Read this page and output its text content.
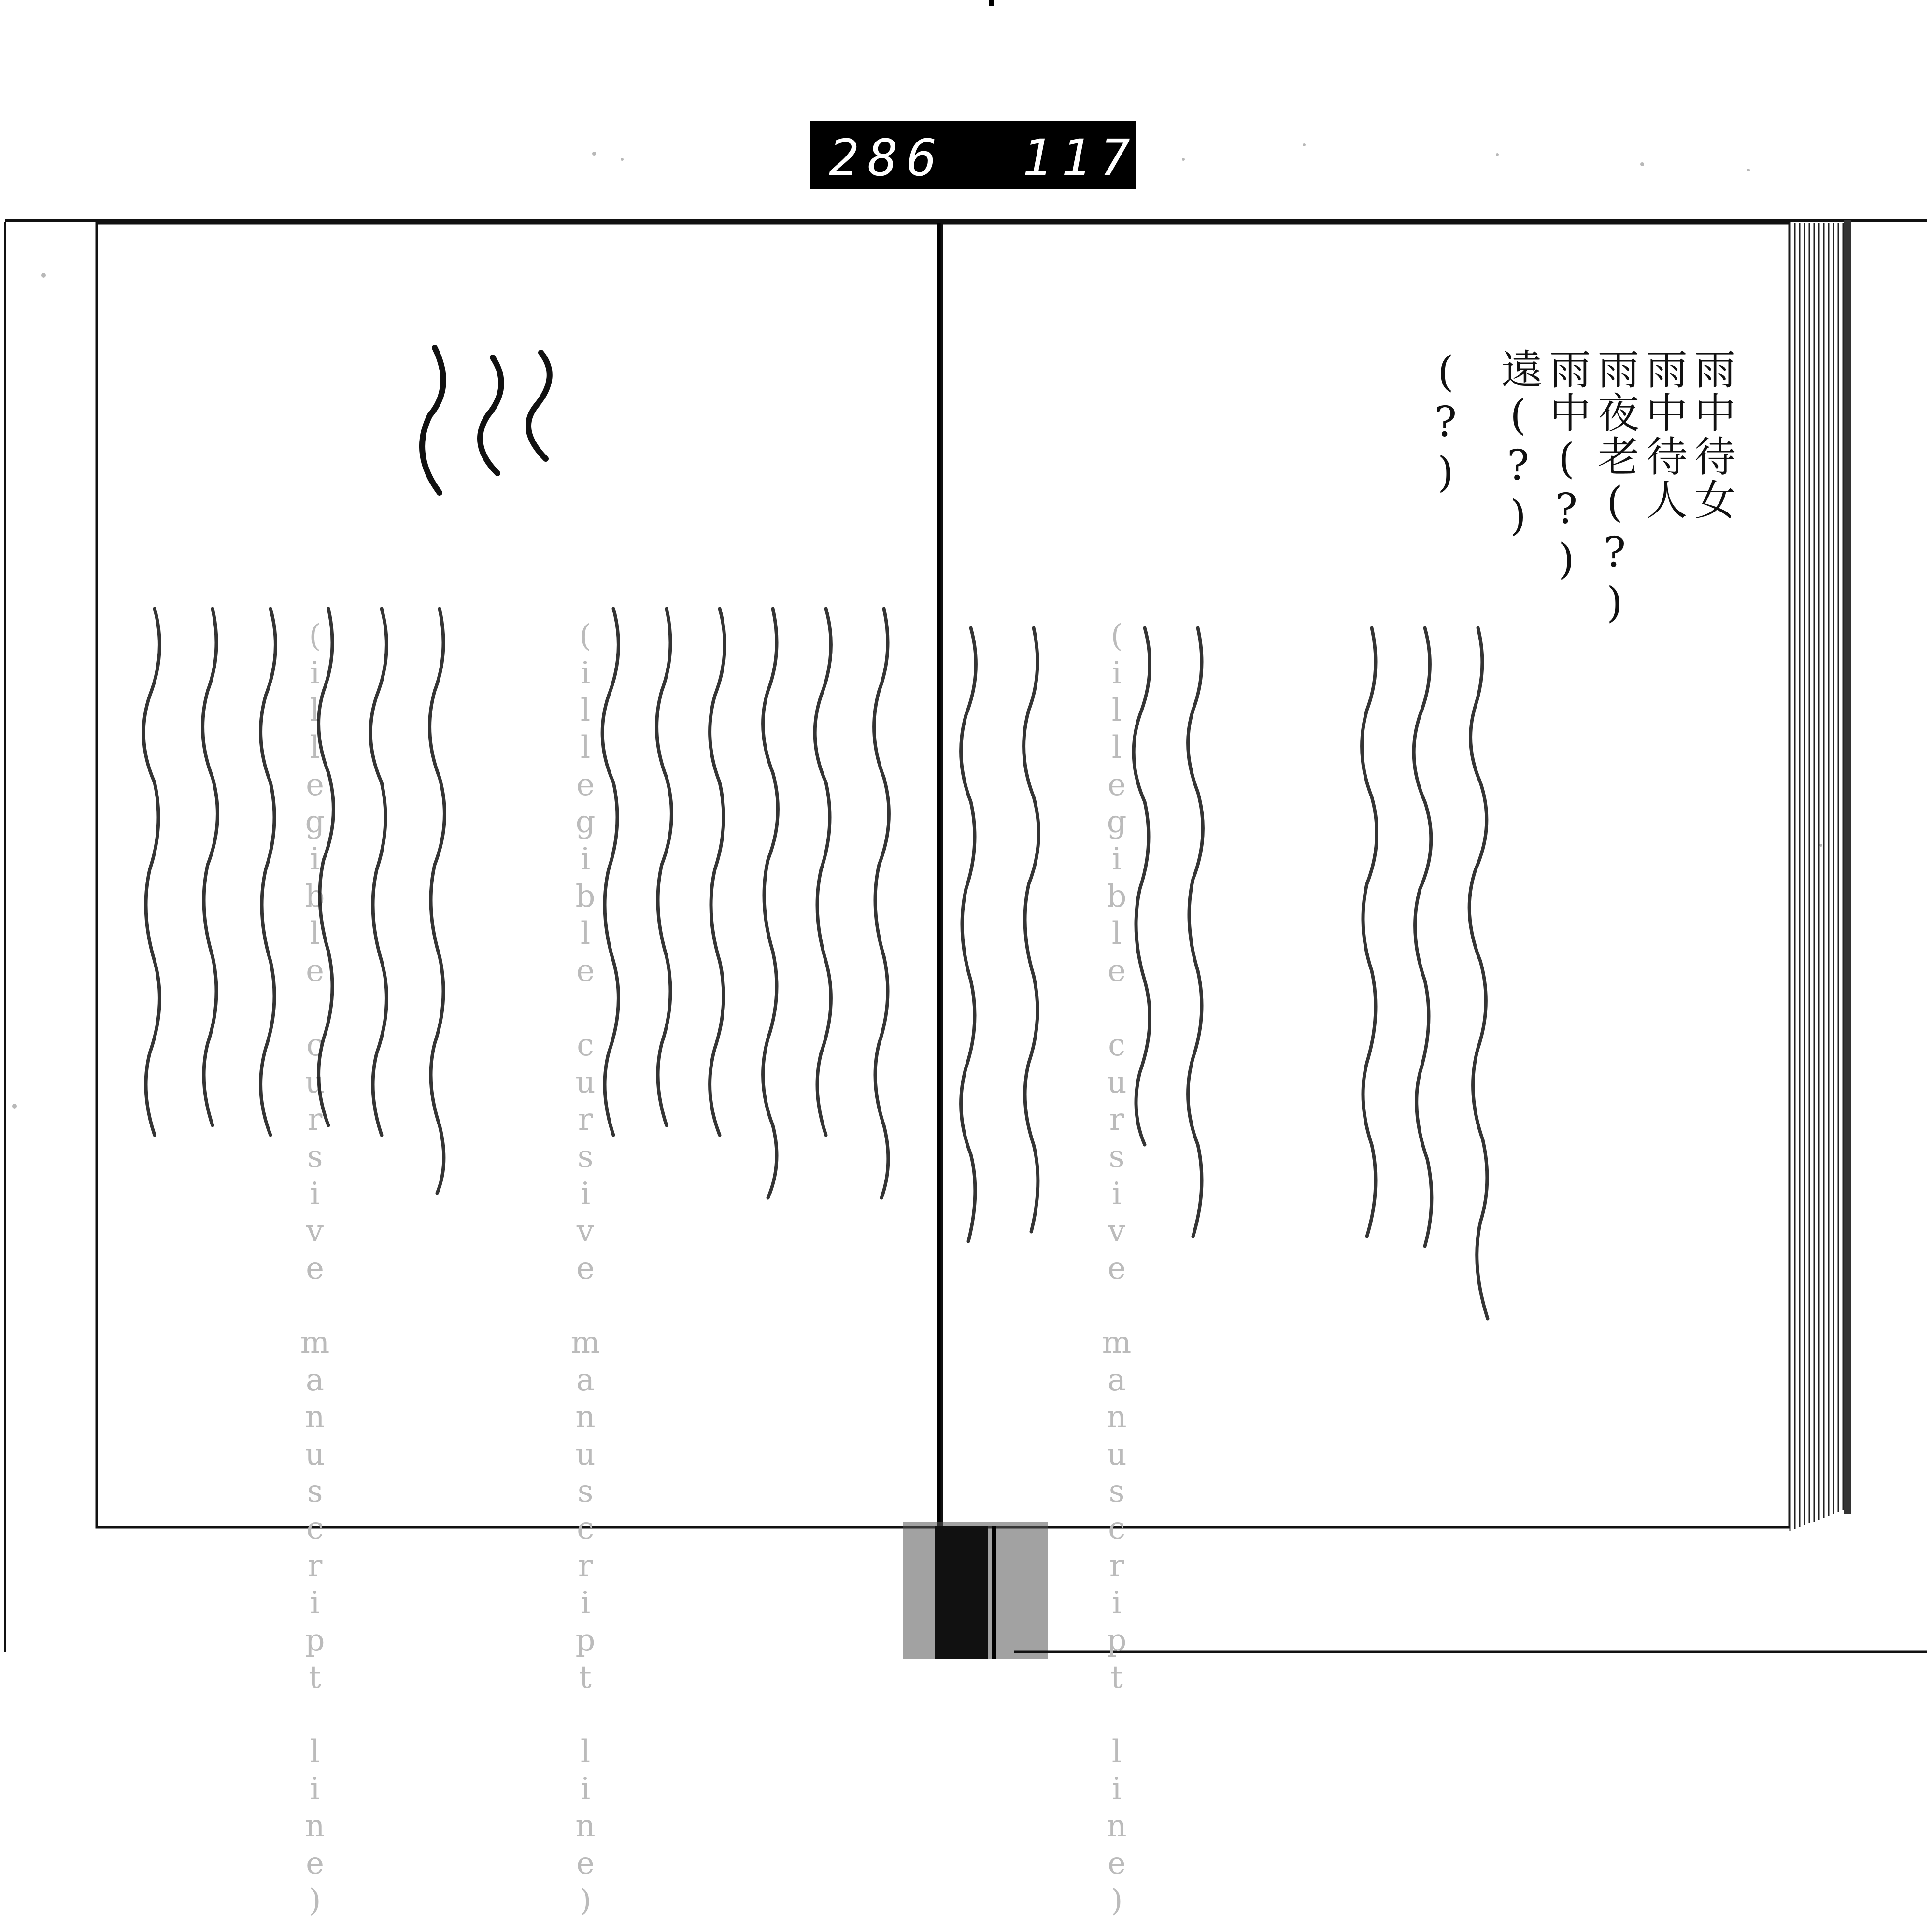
286 117
雨中待女
雨中待人
雨夜老(?)
雨中(?)
遠(?)
(?)
(illegible cursive manuscript line)
(illegible cursive manuscript line)
(illegible cursive manuscript line)
